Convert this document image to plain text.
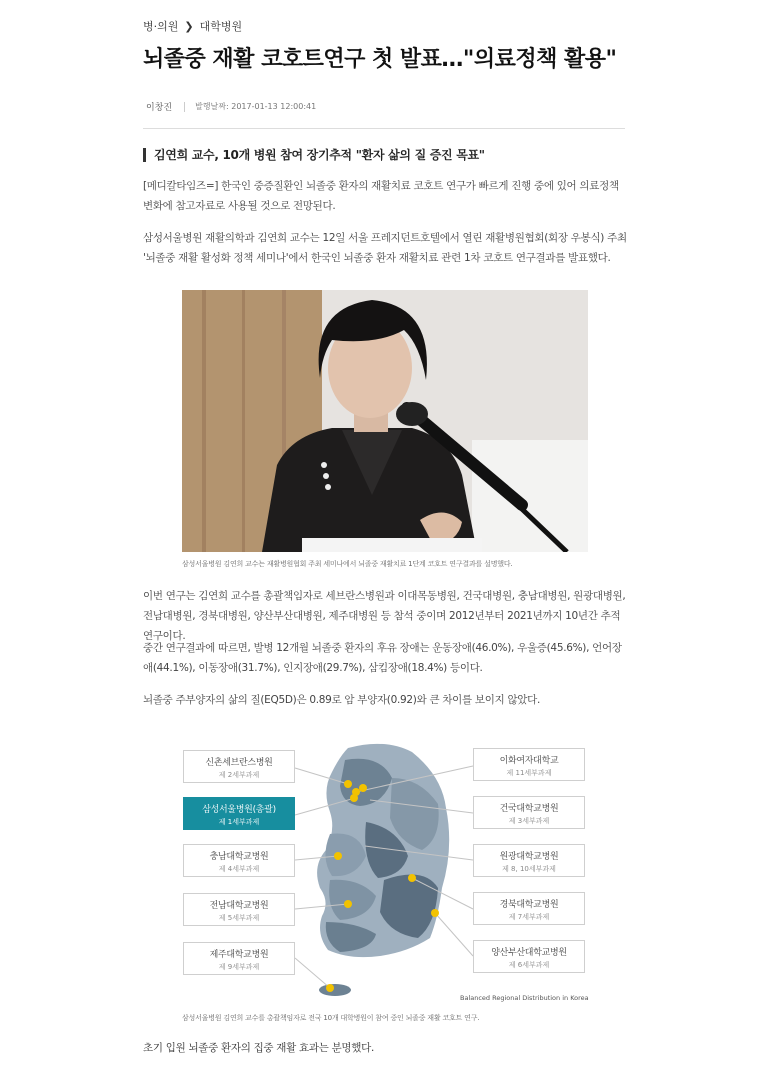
병·의원 ❯ 대학병원
뇌졸중 재활 코호트연구 첫 발표…"의료정책 활용"
이창진	발행날짜: 2017-01-13 12:00:41
김연희 교수, 10개 병원 참여 장기추적 "환자 삶의 질 증진 목표"

[메디칼타임즈=] 한국인 중증질환인 뇌졸중 환자의 재활치료 코호트 연구가 빠르게 진행 중에 있어 의료정책 변화에 참고자료로 사용될 것으로 전망된다.

삼성서울병원 재활의학과 김연희 교수는 12일 서울 프레지던트호텔에서 열린 재활병원협회(회장 우봉식) 주최 '뇌졸중 재활 활성화 정책 세미나'에서 한국인 뇌졸중 환자 재활치료 관련 1차 코호트 연구결과를 발표했다.

삼성서울병원 김연희 교수는 재활병원협회 주최 세미나에서 뇌졸중 재활치료 1단계 코호트 연구결과를 설명했다.

이번 연구는 김연희 교수를 총괄책임자로 세브란스병원과 이대목동병원, 건국대병원, 충남대병원, 원광대병원, 전남대병원, 경북대병원, 양산부산대병원, 제주대병원 등 참석 중이며 2012년부터 2021년까지 10년간 추적연구이다.

중간 연구결과에 따르면, 발병 12개월 뇌졸중 환자의 후유 장애는 운동장애(46.0%), 우울증(45.6%), 언어장애(44.1%), 이동장애(31.7%), 인지장애(29.7%), 삼킴장애(18.4%) 등이다.

뇌졸중 주부양자의 삶의 질(EQ5D)은 0.89로 암 부양자(0.92)와 큰 차이를 보이지 않았다.

신촌세브란스병원
제 2세부과제
삼성서울병원(총괄)
제 1세부과제
충남대학교병원
제 4세부과제
전남대학교병원
제 5세부과제
제주대학교병원
제 9세부과제
이화여자대학교
제 11세부과제
건국대학교병원
제 3세부과제
원광대학교병원
제 8, 10세부과제
경북대학교병원
제 7세부과제
양산부산대학교병원
제 6세부과제
Balanced Regional Distribution in Korea
삼성서울병원 김연희 교수를 총괄책임자로 전국 10개 대학병원이 참여 중인 뇌졸중 재활 코호트 연구.

초기 입원 뇌졸중 환자의 집중 재활 효과는 분명했다.
